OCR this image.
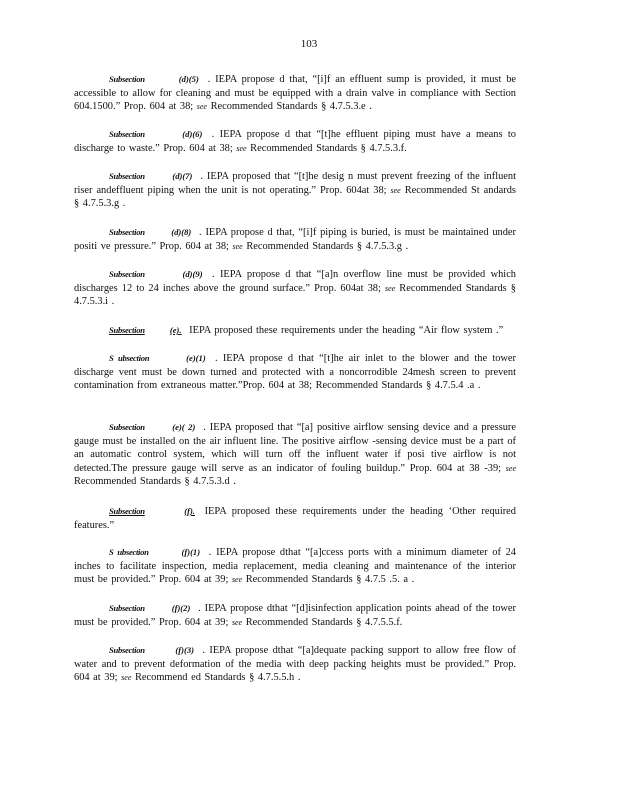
103
Subsection	(d)(5) . IEPA propose d that, “[i]f an effluent sump is provided, it must be accessible to allow for cleaning and must be equipped with a drain valve in compliance with Section 604.1500.” Prop. 604 at 38; see Recommended Standards § 4.7.5.3.e .
Subsection	(d)(6) . IEPA propose d that “[t]he effluent piping must have a means to discharge to waste.” Prop. 604 at 38; see Recommended Standards § 4.7.5.3.f.
Subsection	(d)(7) . IEPA proposed that “[t]he desig n must prevent freezing of the influent riser andeffluent piping when the unit is not operating.” Prop. 604at 38; see Recommended St andards § 4.7.5.3.g .
Subsection	(d)(8) . IEPA propose d that, “[i]f piping is buried, is must be maintained under positi ve pressure.” Prop. 604 at 38; see Recommended Standards § 4.7.5.3.g .
Subsection	(d)(9) . IEPA propose d that “[a]n overflow line must be provided which discharges 12 to 24 inches above the ground surface.” Prop. 604at 38; see Recommended Standards § 4.7.5.3.i .
Subsection	(e). IEPA proposed these requirements under the heading “Air flow system .”
S ubsection	(e)(1) . IEPA propose d that “[t]he air inlet to the blower and the tower discharge vent must be down turned and protected with a noncorrodible 24mesh screen to prevent contamination from extraneous matter.”Prop. 604 at 38; Recommended Standards § 4.7.5.4 .a .
Subsection	(e)( 2) . IEPA proposed that “[a] positive airflow sensing device and a pressure gauge must be installed on the air influent line. The positive airflow -sensing device must be a part of an automatic control system, which will turn off the influent water if posi tive airflow is not detected.The pressure gauge will serve as an indicator of fouling buildup.” Prop. 604 at 38 -39; see Recommended Standards § 4.7.5.3.d .
Subsection	(f). IEPA proposed these requirements under the heading ‘Other required features.”
S ubsection	(f)(1) . IEPA propose dthat “[a]ccess ports with a minimum diameter of 24 inches to facilitate inspection, media replacement, media cleaning and maintenance of the interior must be provided.” Prop. 604 at 39; see Recommended Standards § 4.7.5 .5. a .
Subsection	(f)(2) . IEPA propose dthat “[d]isinfection application points ahead of the tower must be provided.” Prop. 604 at 39; see Recommended Standards § 4.7.5.5.f.
Subsection	(f)(3) . IEPA propose dthat “[a]dequate packing support to allow free flow of water and to prevent deformation of the media with deep packing heights must be provided.” Prop. 604 at 39; see Recommend ed Standards § 4.7.5.5.h .
